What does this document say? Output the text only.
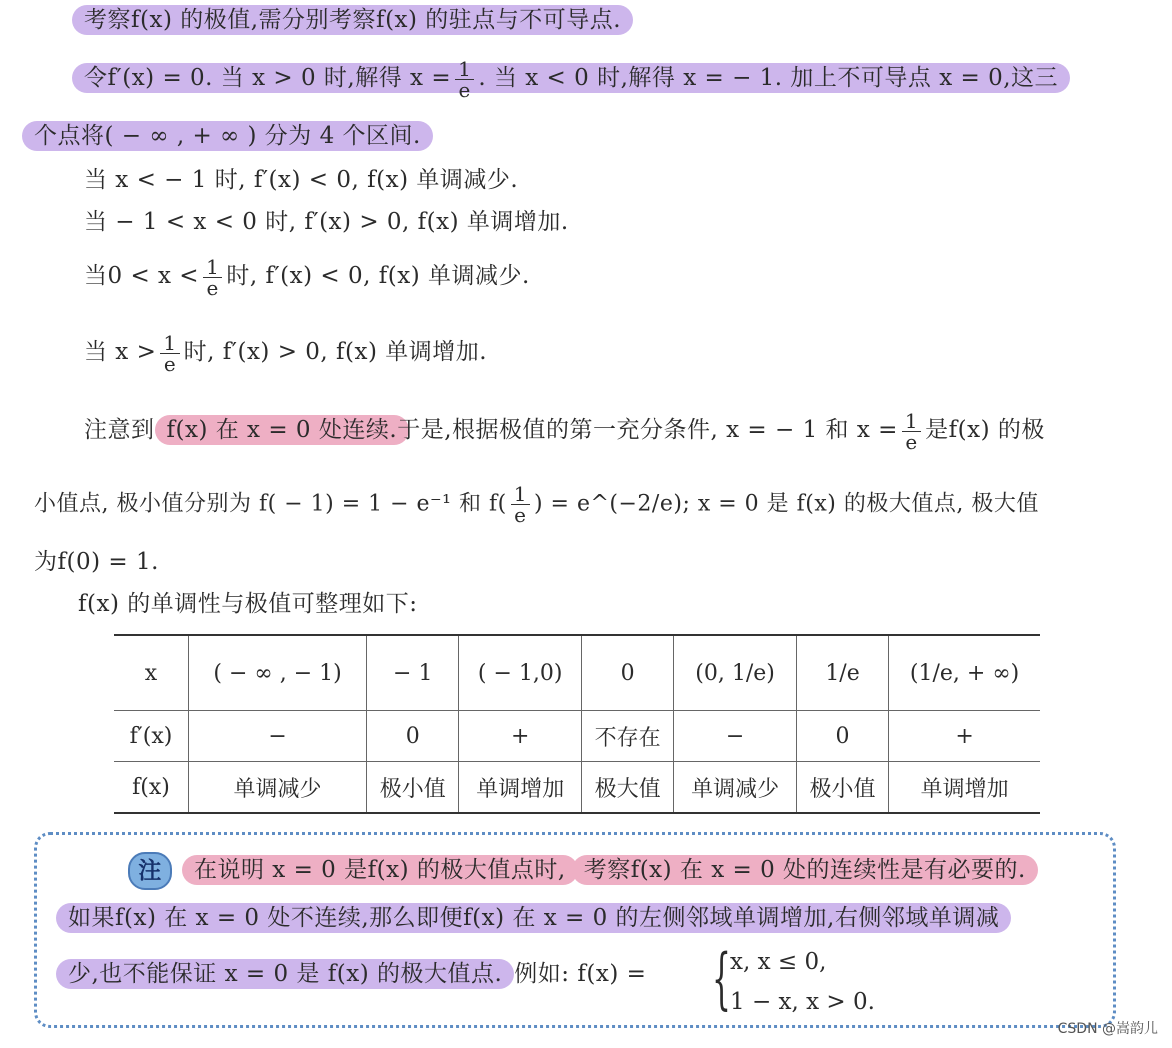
考察f(x) 的极值,需分别考察f(x) 的驻点与不可导点.
令f′(x) = 0. 当 x > 0 时,解得 $x = \frac{1}{e}$ . 当 x < 0 时,解得 x = − 1. 加上不可导点 x = 0,这三
个点将( − ∞ , + ∞ ) 分为 4 个区间.
当 x < − 1 时, f′(x) < 0, f(x) 单调减少.
当 − 1 < x < 0 时, f′(x) > 0, f(x) 单调增加.
当$0 < x < \frac{1}{e}$ 时, f′(x) < 0, f(x) 单调减少.
当 $x > \frac{1}{e}$ 时, f′(x) > 0, f(x) 单调增加.
注意到 f(x) 在 x = 0 处连续.于是,根据极值的第一充分条件, x = − 1 和 $x = \frac{1}{e}$ 是f(x) 的极
小值点, 极小值分别为 f( − 1) = 1 − e⁻¹ 和 $f( \frac{1}{e}$ ) = e^(−2/e); x = 0 是 f(x) 的极大值点, 极大值
为f(0) = 1.
f(x) 的单调性与极值可整理如下:
x	( − ∞ , − 1)	− 1	( − 1,0)	0	(0, 1/e)	1/e	(1/e, + ∞)
f′(x)	−	0	+	不存在	−	0	+
f(x)	单调减少	极小值	单调增加	极大值	单调减少	极小值	单调增加
注 在说明 x = 0 是f(x) 的极大值点时, 考察f(x) 在 x = 0 处的连续性是有必要的.
如果f(x) 在 x = 0 处不连续,那么即便f(x) 在 x = 0 的左侧邻域单调增加,右侧邻域单调减
少,也不能保证 x = 0 是 f(x) 的极大值点. 例如: f(x) = { x, x ≤ 0,
1 − x, x > 0.
CSDN @嵩韵儿
